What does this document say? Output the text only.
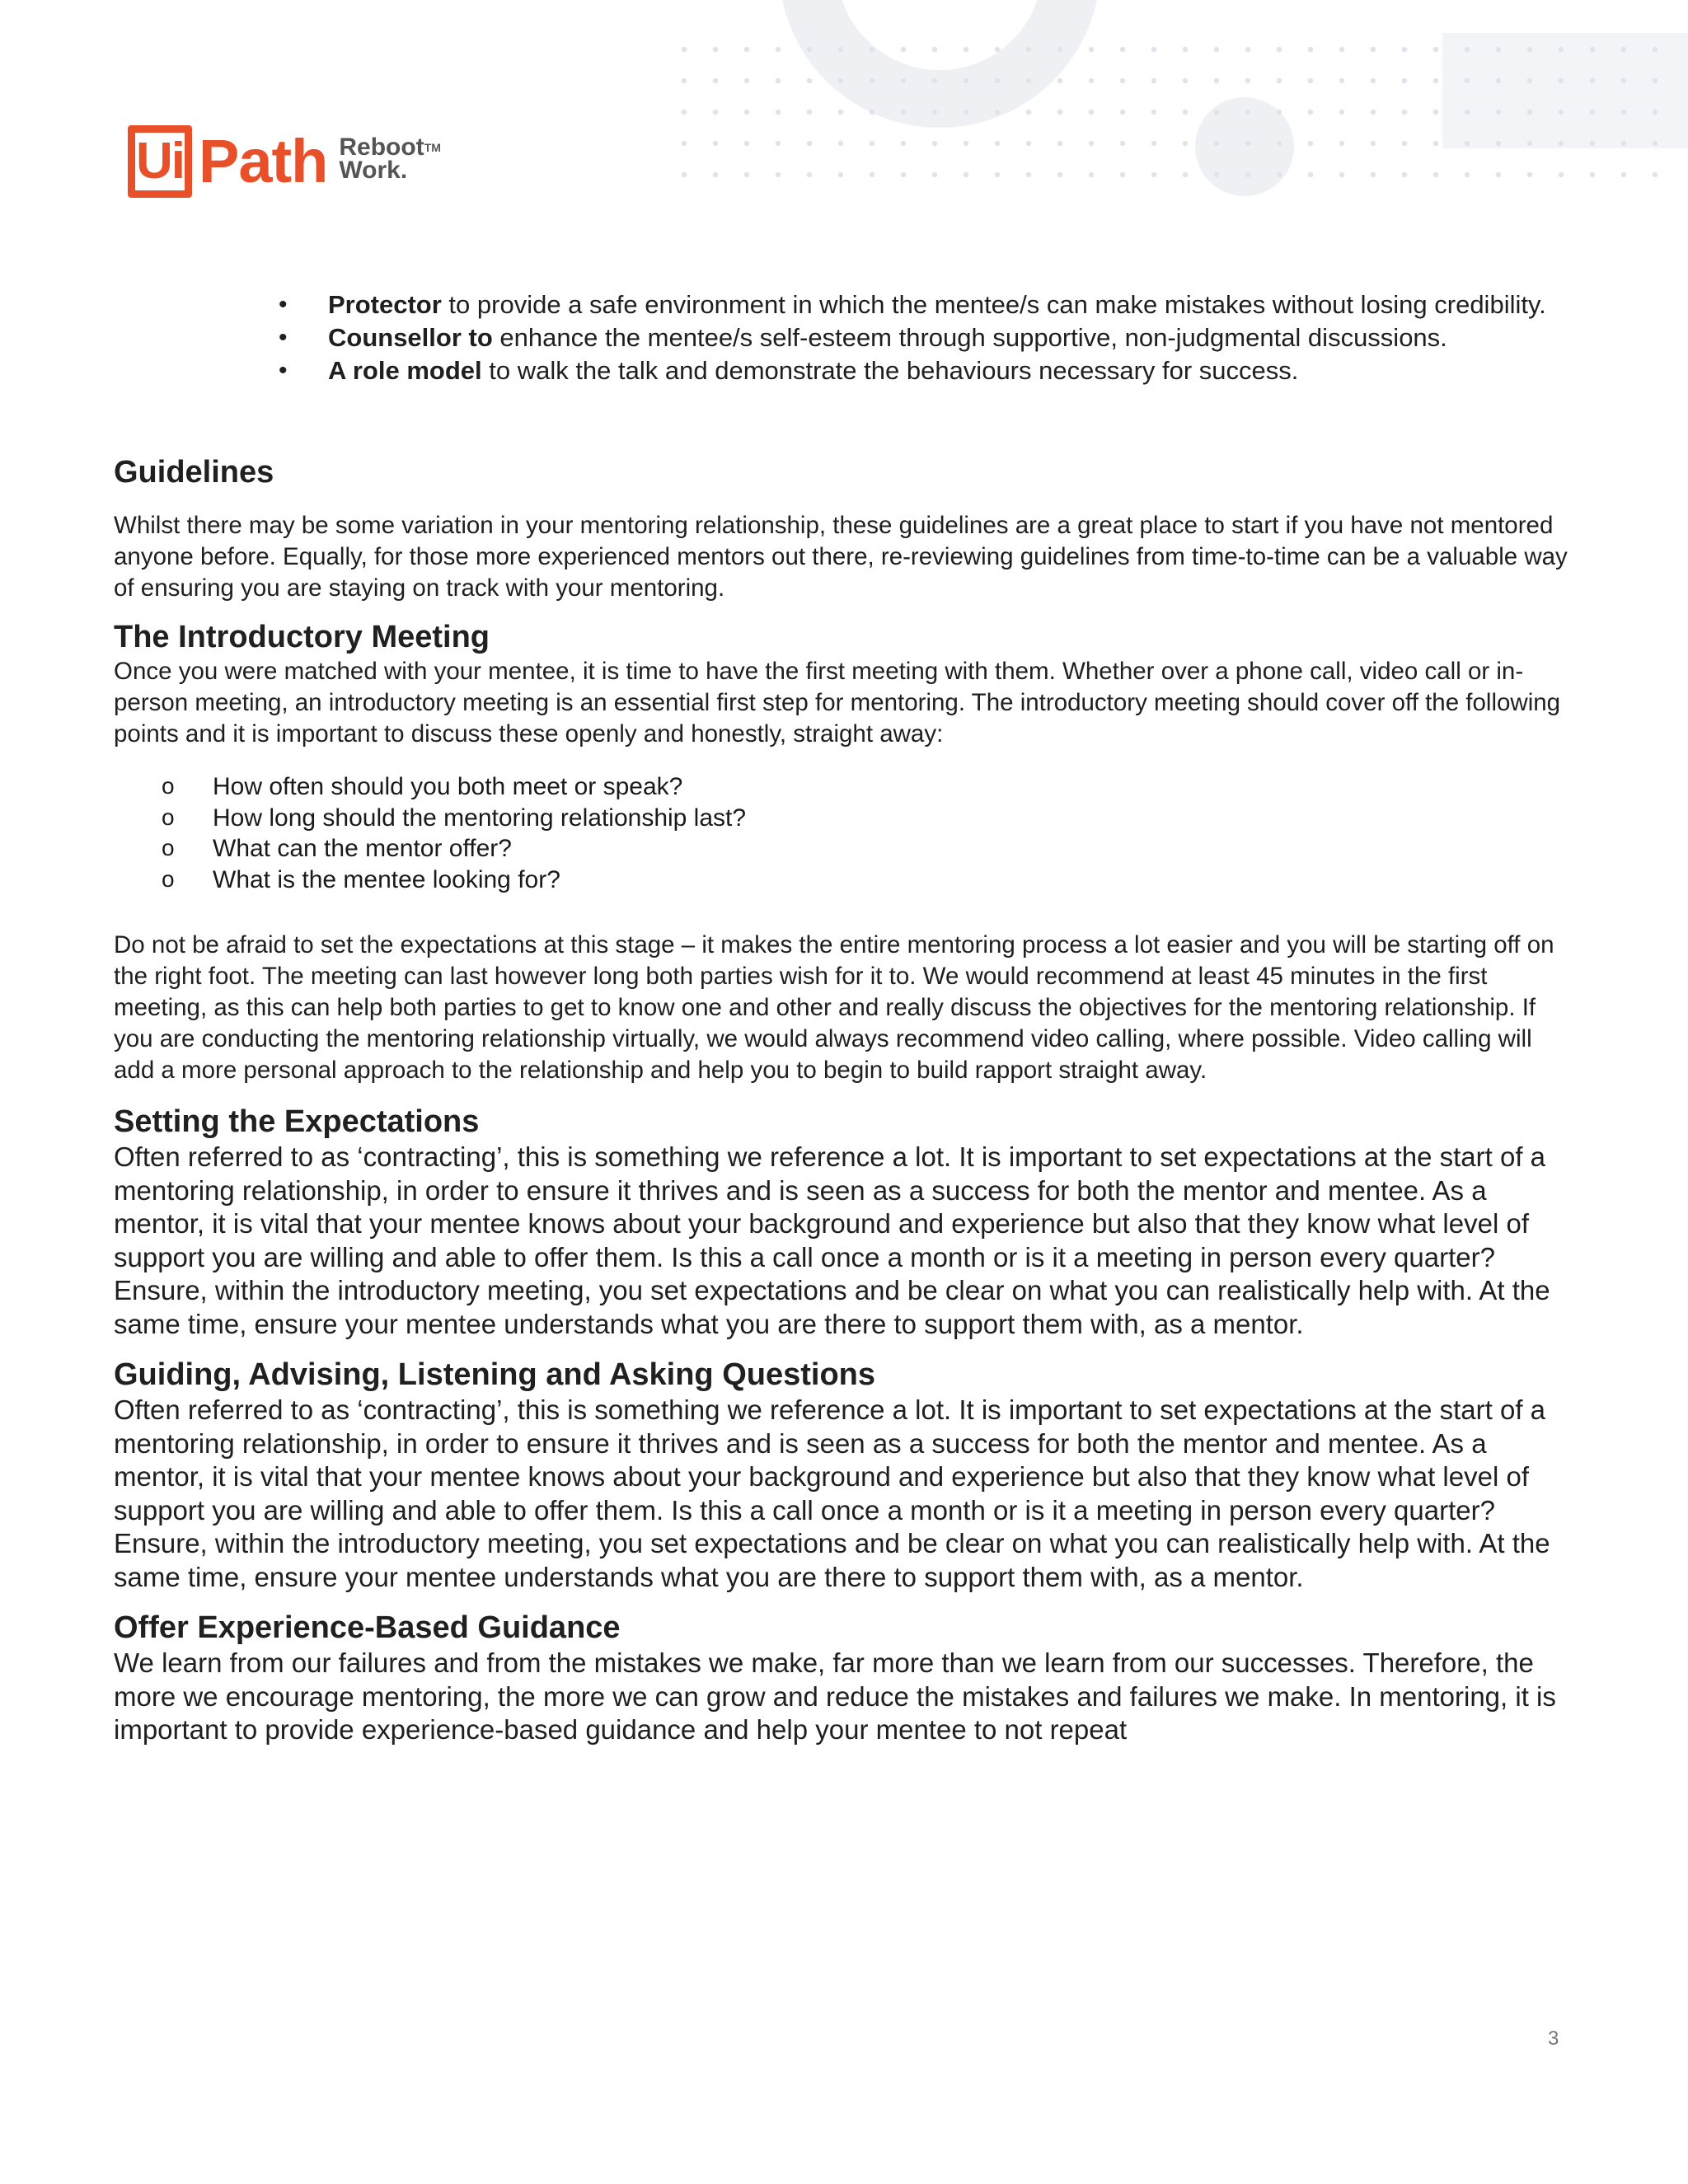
Ui Path Reboot™
Work.
• Protector to provide a safe environment in which the mentee/s can make mistakes without losing credibility.
• Counsellor to enhance the mentee/s self-esteem through supportive, non-judgmental discussions.
• A role model to walk the talk and demonstrate the behaviours necessary for success.
Guidelines

Whilst there may be some variation in your mentoring relationship, these guidelines are a great place to start if you have not mentored anyone before. Equally, for those more experienced mentors out there, re-reviewing guidelines from time-to-time can be a valuable way of ensuring you are staying on track with your mentoring.

The Introductory Meeting

Once you were matched with your mentee, it is time to have the first meeting with them. Whether over a phone call, video call or in-person meeting, an introductory meeting is an essential first step for mentoring. The introductory meeting should cover off the following points and it is important to discuss these openly and honestly, straight away:

o How often should you both meet or speak?
o How long should the mentoring relationship last?
o What can the mentor offer?
o What is the mentee looking for?

Do not be afraid to set the expectations at this stage – it makes the entire mentoring process a lot easier and you will be starting off on the right foot. The meeting can last however long both parties wish for it to. We would recommend at least 45 minutes in the first meeting, as this can help both parties to get to know one and other and really discuss the objectives for the mentoring relationship. If you are conducting the mentoring relationship virtually, we would always recommend video calling, where possible. Video calling will add a more personal approach to the relationship and help you to begin to build rapport straight away.

Setting the Expectations

Often referred to as ‘contracting’, this is something we reference a lot. It is important to set expectations at the start of a mentoring relationship, in order to ensure it thrives and is seen as a success for both the mentor and mentee. As a mentor, it is vital that your mentee knows about your background and experience but also that they know what level of support you are willing and able to offer them. Is this a call once a month or is it a meeting in person every quarter? Ensure, within the introductory meeting, you set expectations and be clear on what you can realistically help with. At the same time, ensure your mentee understands what you are there to support them with, as a mentor.

Guiding, Advising, Listening and Asking Questions

Often referred to as ‘contracting’, this is something we reference a lot. It is important to set expectations at the start of a mentoring relationship, in order to ensure it thrives and is seen as a success for both the mentor and mentee. As a mentor, it is vital that your mentee knows about your background and experience but also that they know what level of support you are willing and able to offer them. Is this a call once a month or is it a meeting in person every quarter? Ensure, within the introductory meeting, you set expectations and be clear on what you can realistically help with. At the same time, ensure your mentee understands what you are there to support them with, as a mentor.

Offer Experience-Based Guidance

We learn from our failures and from the mistakes we make, far more than we learn from our successes. Therefore, the more we encourage mentoring, the more we can grow and reduce the mistakes and failures we make. In mentoring, it is important to provide experience-based guidance and help your mentee to not repeat

3
